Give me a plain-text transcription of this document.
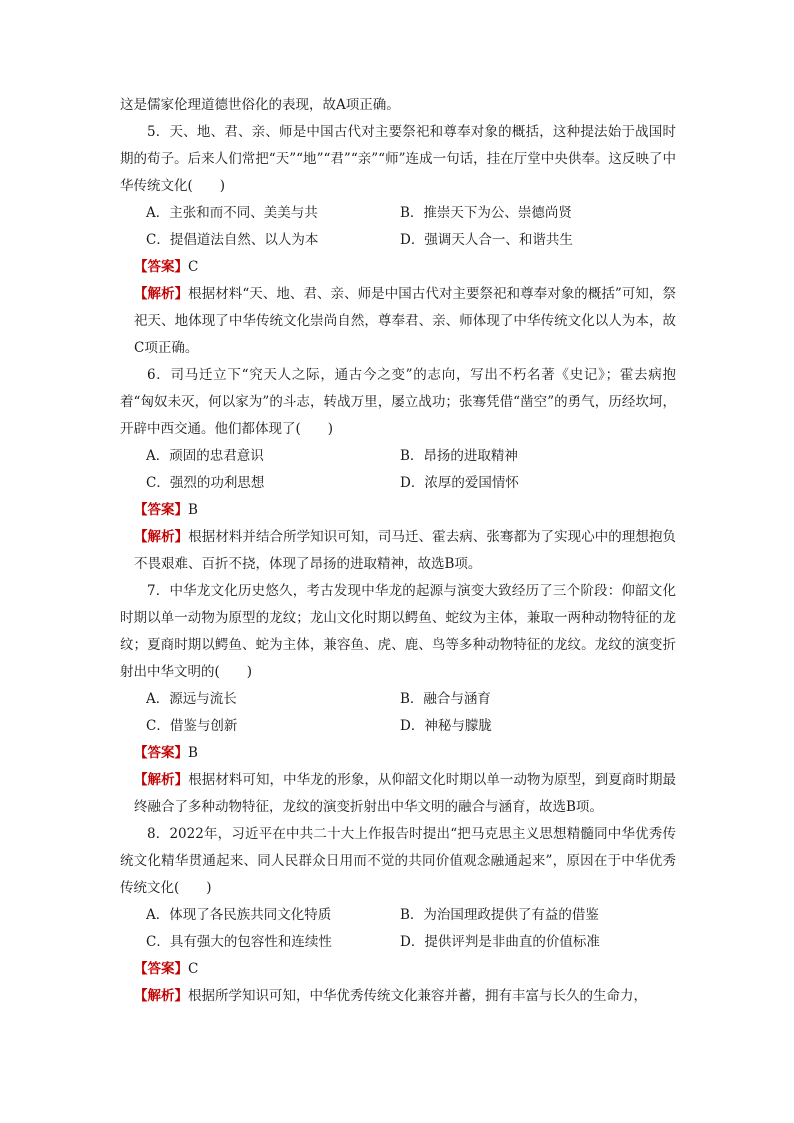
这是儒家伦理道德世俗化的表现，故A项正确。

5．天、地、君、亲、师是中国古代对主要祭祀和尊奉对象的概括，这种提法始于战国时期的荀子。后来人们常把“天”“地”“君”“亲”“师”连成一句话，挂在厅堂中央供奉。这反映了中华传统文化(　　)

A．主张和而不同、美美与共	B．推崇天下为公、崇德尚贤
C．提倡道法自然、以人为本	D．强调天人合一、和谐共生

【答案】C

【解析】根据材料“天、地、君、亲、师是中国古代对主要祭祀和尊奉对象的概括”可知，祭祀天、地体现了中华传统文化崇尚自然，尊奉君、亲、师体现了中华传统文化以人为本，故C项正确。

6．司马迁立下“究天人之际，通古今之变”的志向，写出不朽名著《史记》；霍去病抱着“匈奴未灭，何以家为”的斗志，转战万里，屡立战功；张骞凭借“凿空”的勇气，历经坎坷，开辟中西交通。他们都体现了(　　)

A．顽固的忠君意识	B．昂扬的进取精神
C．强烈的功利思想	D．浓厚的爱国情怀

【答案】B

【解析】根据材料并结合所学知识可知，司马迁、霍去病、张骞都为了实现心中的理想抱负不畏艰难、百折不挠，体现了昂扬的进取精神，故选B项。

7．中华龙文化历史悠久，考古发现中华龙的起源与演变大致经历了三个阶段：仰韶文化时期以单一动物为原型的龙纹；龙山文化时期以鳄鱼、蛇纹为主体，兼取一两种动物特征的龙纹；夏商时期以鳄鱼、蛇为主体，兼容鱼、虎、鹿、鸟等多种动物特征的龙纹。龙纹的演变折射出中华文明的(　　)

A．源远与流长	B．融合与涵育
C．借鉴与创新	D．神秘与朦胧

【答案】B

【解析】根据材料可知，中华龙的形象，从仰韶文化时期以单一动物为原型，到夏商时期最终融合了多种动物特征，龙纹的演变折射出中华文明的融合与涵育，故选B项。

8．2022年，习近平在中共二十大上作报告时提出“把马克思主义思想精髓同中华优秀传统文化精华贯通起来、同人民群众日用而不觉的共同价值观念融通起来”，原因在于中华优秀传统文化(　　)

A．体现了各民族共同文化特质	B．为治国理政提供了有益的借鉴
C．具有强大的包容性和连续性	D．提供评判是非曲直的价值标准

【答案】C

【解析】根据所学知识可知，中华优秀传统文化兼容并蓄，拥有丰富与长久的生命力，
